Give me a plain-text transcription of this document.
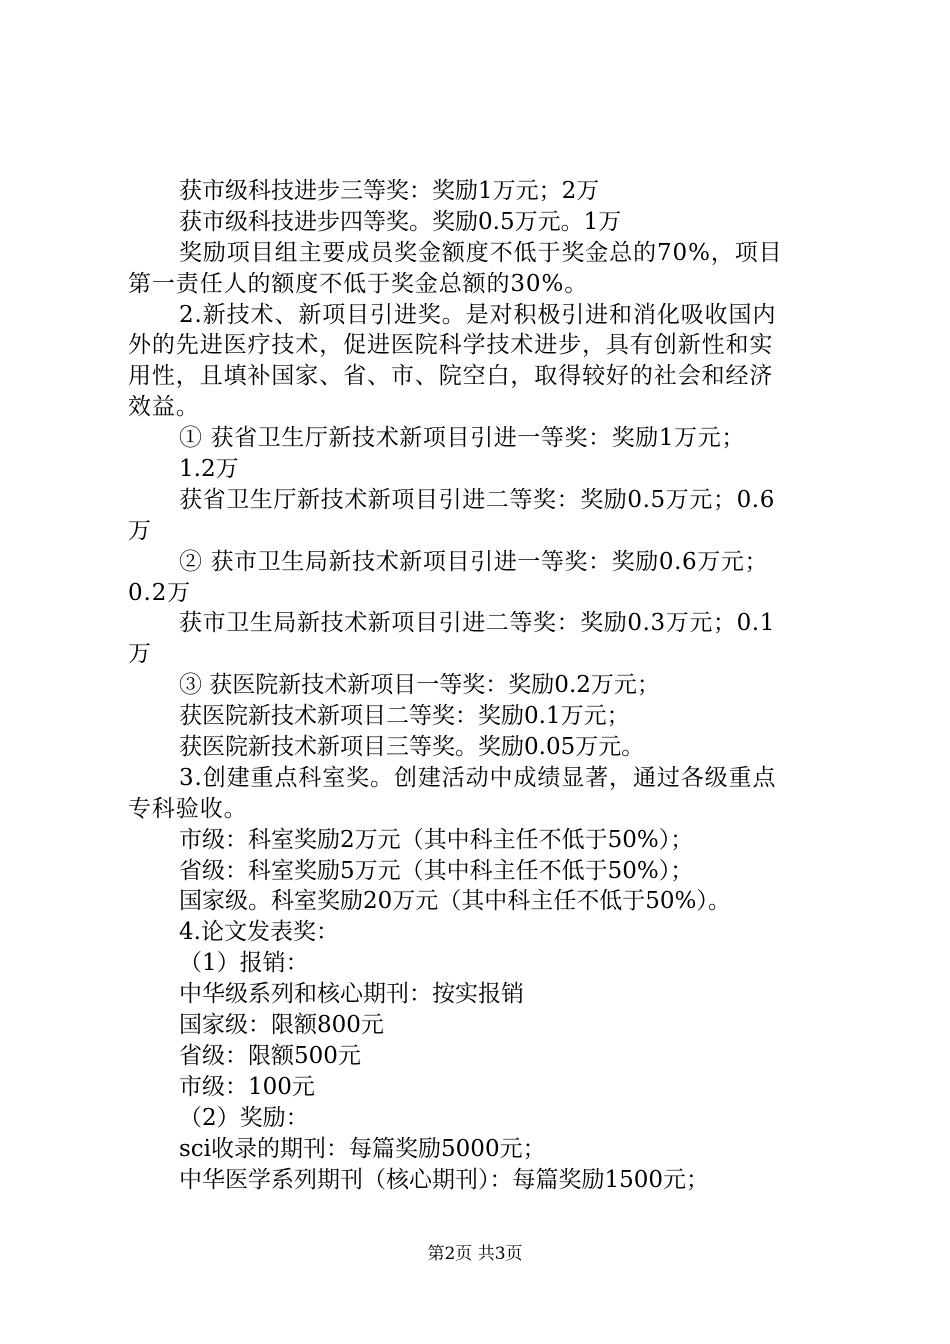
获市级科技进步三等奖：奖励1万元；2万
获市级科技进步四等奖。奖励0.5万元。1万
奖励项目组主要成员奖金额度不低于奖金总的70%，项目
第一责任人的额度不低于奖金总额的30%。
2.新技术、新项目引进奖。是对积极引进和消化吸收国内
外的先进医疗技术，促进医院科学技术进步，具有创新性和实
用性，且填补国家、省、市、院空白，取得较好的社会和经济
效益。
① 获省卫生厅新技术新项目引进一等奖：奖励1万元；
1.2万
获省卫生厅新技术新项目引进二等奖：奖励0.5万元；0.6
万
② 获市卫生局新技术新项目引进一等奖：奖励0.6万元；
0.2万
获市卫生局新技术新项目引进二等奖：奖励0.3万元；0.1
万
③ 获医院新技术新项目一等奖：奖励0.2万元；
获医院新技术新项目二等奖：奖励0.1万元；
获医院新技术新项目三等奖。奖励0.05万元。
3.创建重点科室奖。创建活动中成绩显著，通过各级重点
专科验收。
市级：科室奖励2万元（其中科主任不低于50%）；
省级：科室奖励5万元（其中科主任不低于50%）；
国家级。科室奖励20万元（其中科主任不低于50%）。
4.论文发表奖：
（1）报销：
中华级系列和核心期刊：按实报销
国家级：限额800元
省级：限额500元
市级：100元
（2）奖励：
sci收录的期刊：每篇奖励5000元；
中华医学系列期刊（核心期刊）：每篇奖励1500元；
第2页 共3页
